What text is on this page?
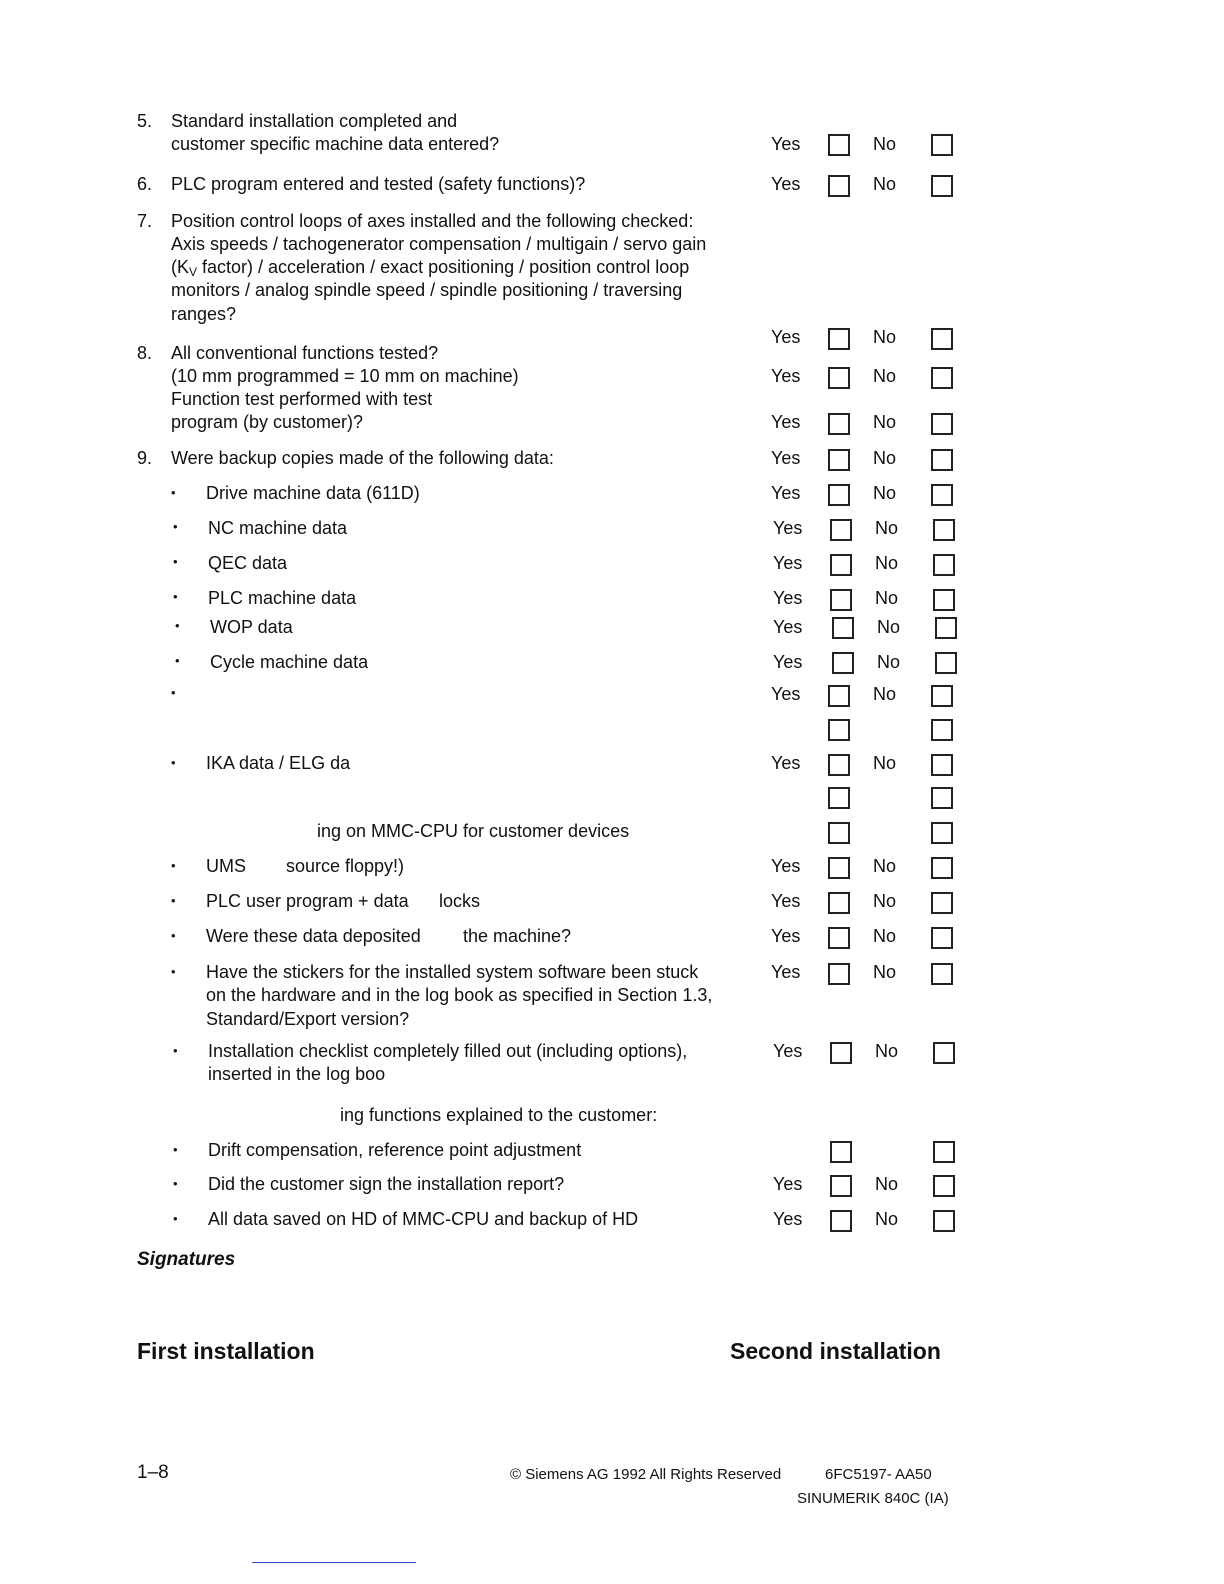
5. Standard installation completed and
customer specific machine data entered?	Yes	No
6. PLC program entered and tested (safety functions)?	Yes	No
7. Position control loops of axes installed and the following checked:
Axis speeds / tachogenerator compensation / multigain / servo gain
($K_V$ factor) / acceleration / exact positioning / position control loop
monitors / analog spindle speed / spindle positioning / traversing
ranges?
Yes	No
8. All conventional functions tested?
(10 mm programmed = 10 mm on machine)	Yes	No
Function test performed with test
program (by customer)?	Yes	No
9. Were backup copies made of the following data:	Yes	No
• Drive machine data (611D)	Yes	No
• NC machine data	Yes	No
• QEC data	Yes	No
• PLC machine data	Yes	No
• WOP data	Yes	No
• Cycle machine data	Yes	No
•	Yes	No
• IKA data / ELG da	Yes	No
ing on MMC-CPU for customer devices
• UMS source floppy!)	Yes	No
• PLC user program + data locks	Yes	No
• Were these data deposited the machine?	Yes	No
• Have the stickers for the installed system software been stuck
on the hardware and in the log book as specified in Section 1.3,
Standard/Export version?
Yes	No
• Installation checklist completely filled out (including options),
inserted in the log boo
Yes	No
ing functions explained to the customer:
• Drift compensation, reference point adjustment
• Did the customer sign the installation report?	Yes	No
• All data saved on HD of MMC-CPU and backup of HD	Yes	No
Signatures
First installation	Second installation
1–8	© Siemens AG 1992 All Rights Reserved	6FC5197- AA50
SINUMERIK 840C (IA)
